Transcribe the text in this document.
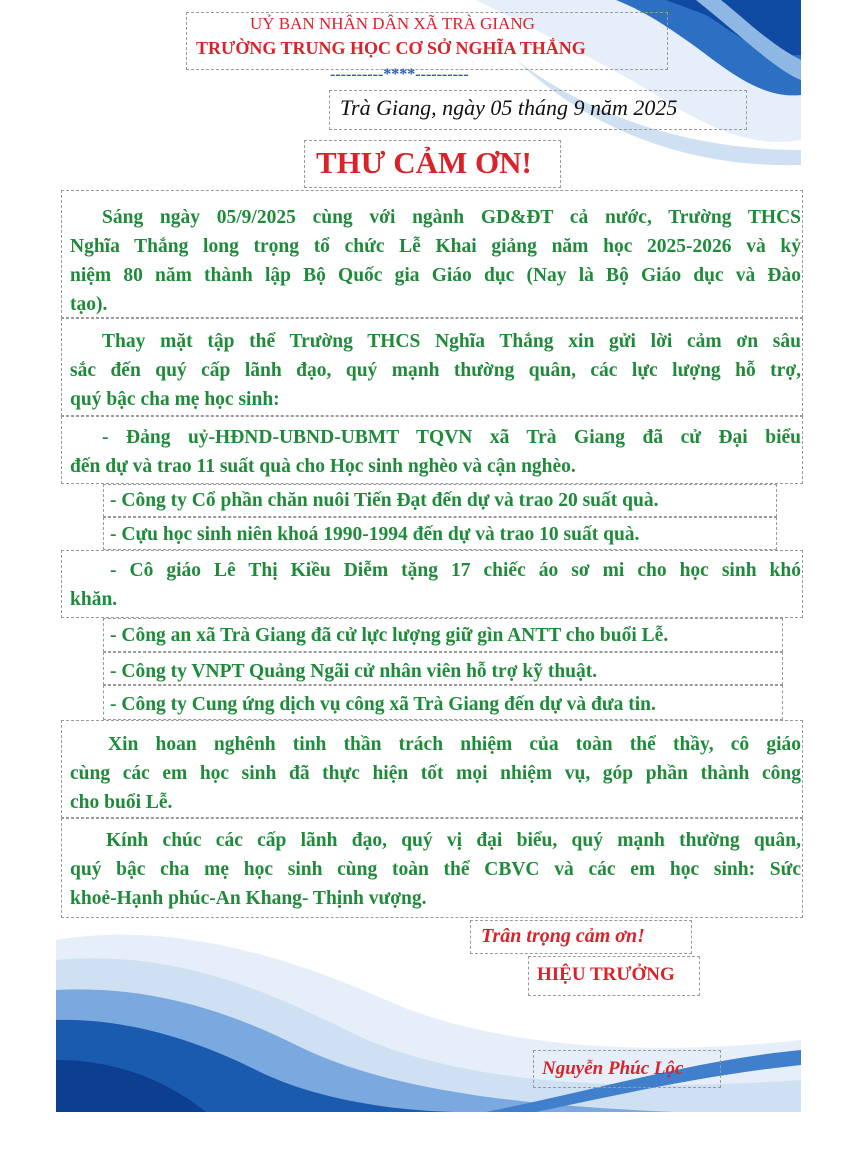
UỶ BAN NHÂN DÂN XÃ TRÀ GIANG
TRƯỜNG TRUNG HỌC CƠ SỞ NGHĨA THẮNG
----------****----------
Trà Giang, ngày 05 tháng 9 năm 2025
THƯ CẢM ƠN!
Sáng ngày 05/9/2025 cùng với ngành GD&ĐT cả nước, Trường THCS
Nghĩa Thắng long trọng tổ chức Lễ Khai giảng năm học 2025-2026 và kỷ
niệm 80 năm thành lập Bộ Quốc gia Giáo dục (Nay là Bộ Giáo dục và Đào
tạo).
Thay mặt tập thể Trường THCS Nghĩa Thắng xin gửi lời cảm ơn sâu
sắc đến quý cấp lãnh đạo, quý mạnh thường quân, các lực lượng hỗ trợ,
quý bậc cha mẹ học sinh:
- Đảng uỷ-HĐND-UBND-UBMT TQVN xã Trà Giang đã cử Đại biểu
đến dự và trao 11 suất quà cho Học sinh nghèo và cận nghèo.
- Công ty Cổ phần chăn nuôi Tiến Đạt đến dự và trao 20 suất quà.
- Cựu học sinh niên khoá 1990-1994 đến dự và trao 10 suất quà.
- Cô giáo Lê Thị Kiều Diễm tặng 17 chiếc áo sơ mi cho học sinh khó
khăn.
- Công an xã Trà Giang đã cử lực lượng giữ gìn ANTT cho buổi Lễ.
- Công ty VNPT Quảng Ngãi cử nhân viên hỗ trợ kỹ thuật.
- Công ty Cung ứng dịch vụ công xã Trà Giang đến dự và đưa tin.
Xin hoan nghênh tinh thần trách nhiệm của toàn thể thầy, cô giáo
cùng các em học sinh đã thực hiện tốt mọi nhiệm vụ, góp phần thành công
cho buổi Lễ.
Kính chúc các cấp lãnh đạo, quý vị đại biểu, quý mạnh thường quân,
quý bậc cha mẹ học sinh cùng toàn thể CBVC và các em học sinh: Sức
khoẻ-Hạnh phúc-An Khang- Thịnh vượng.
Trân trọng cảm ơn!
HIỆU TRƯỞNG
Nguyễn Phúc Lộc
